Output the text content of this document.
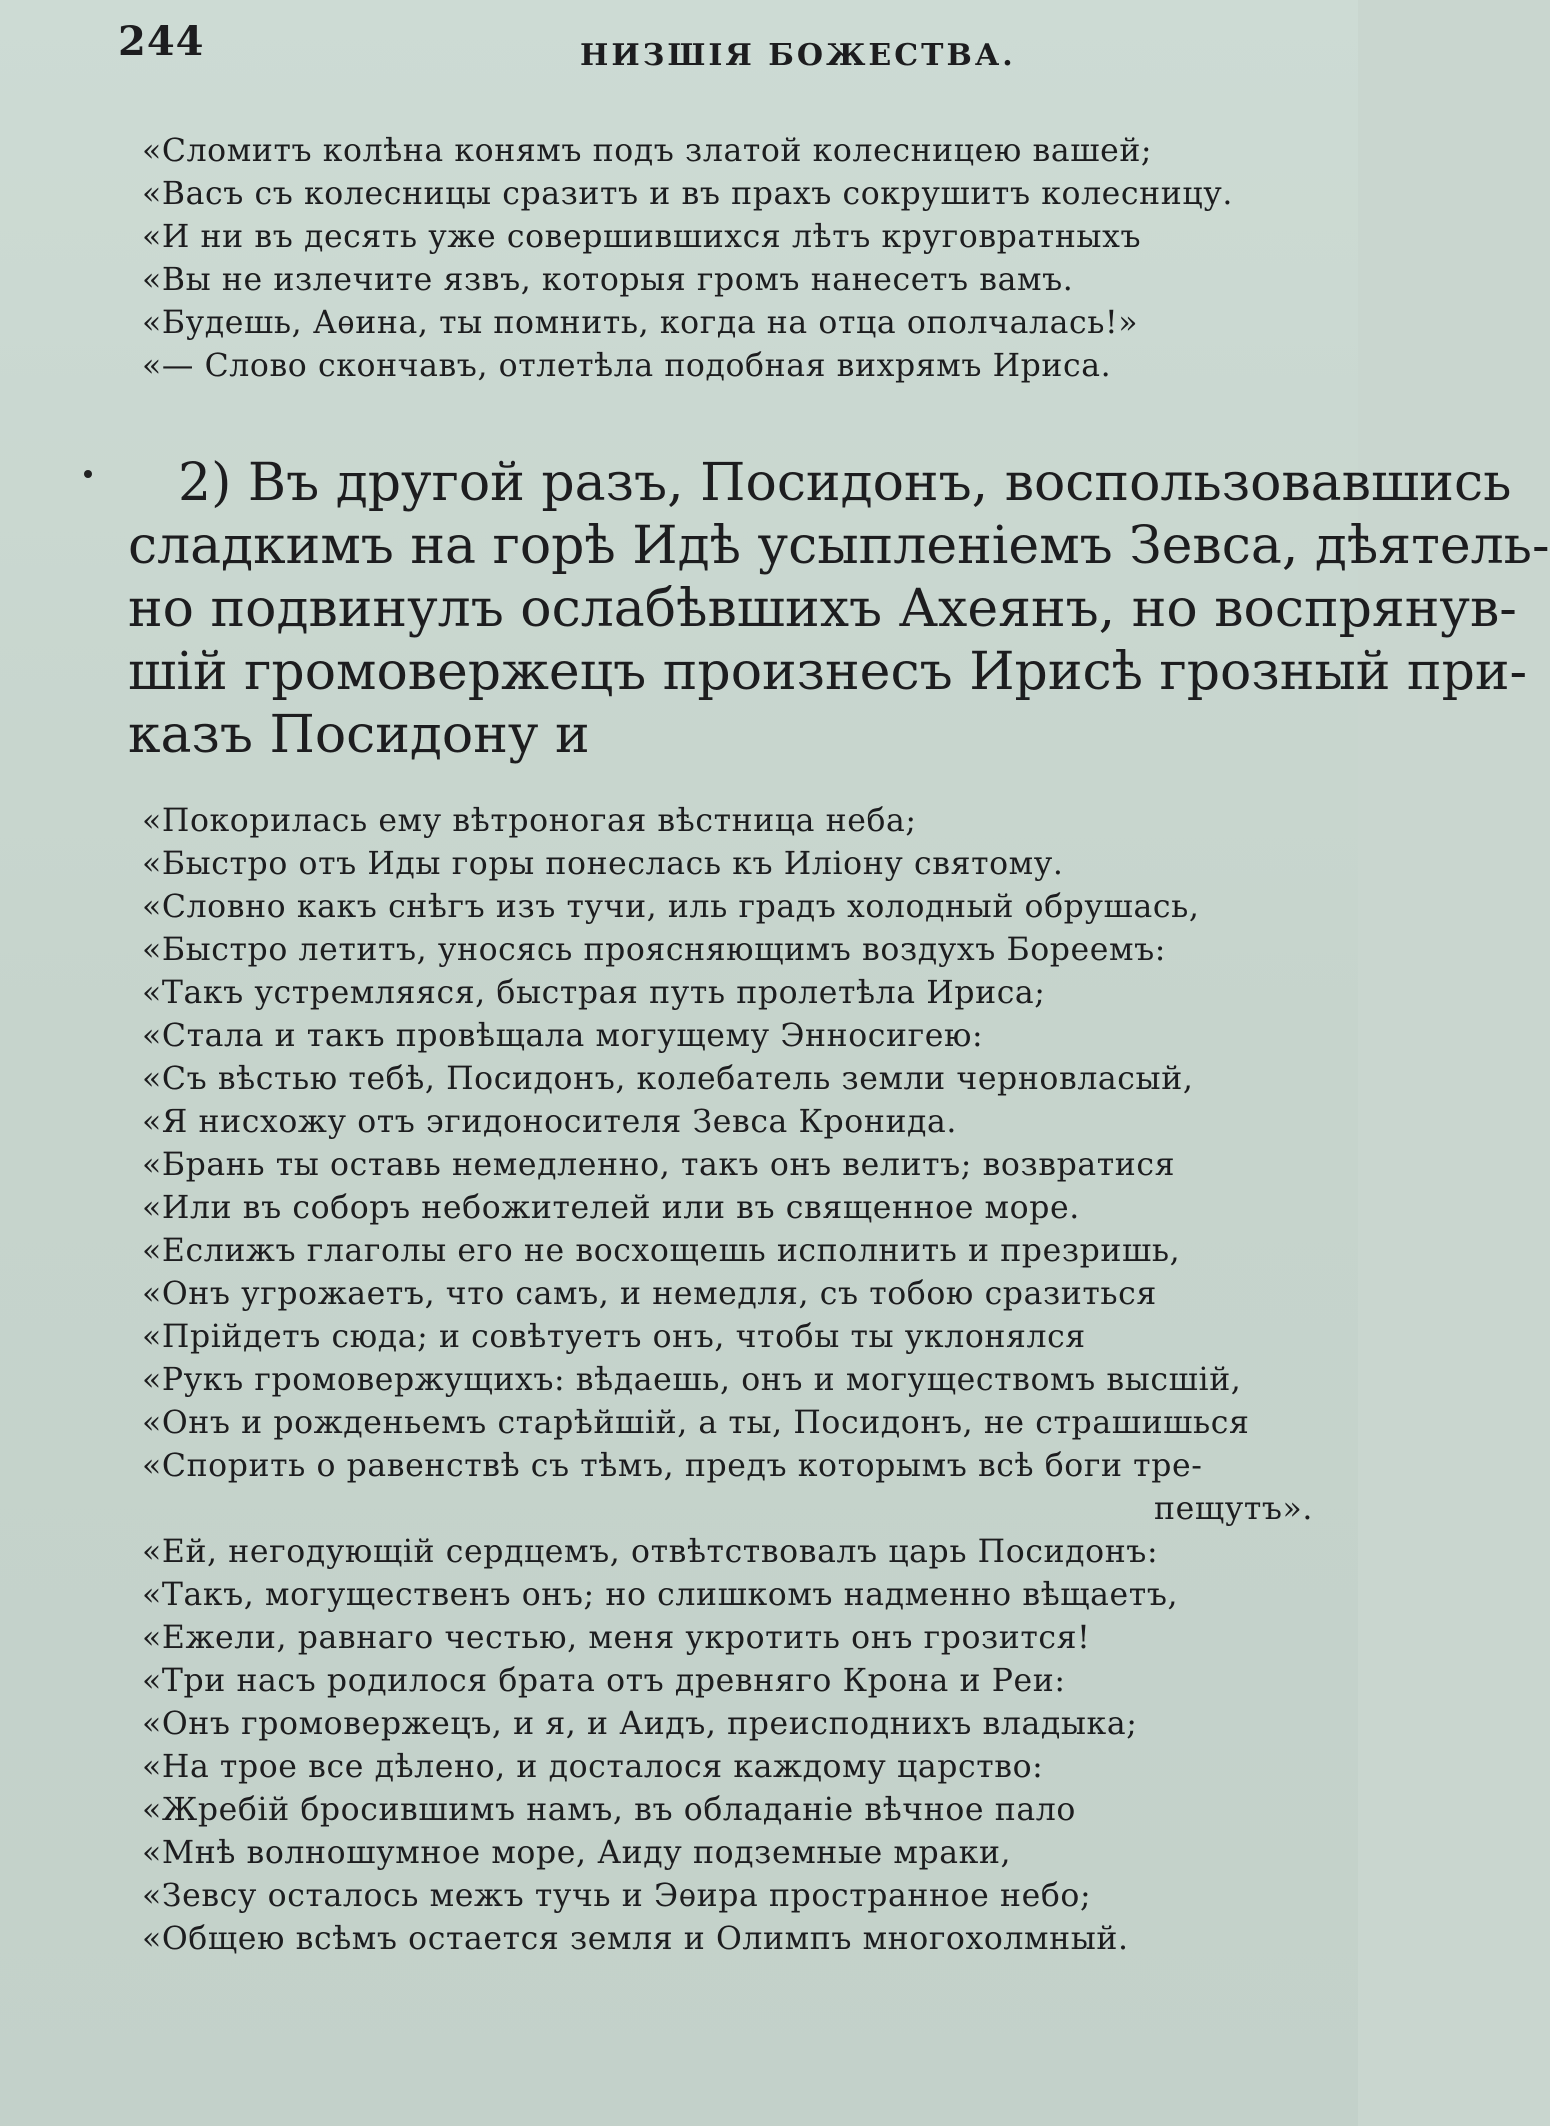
244	НИЗШІЯ БОЖЕСТВА.
«Сломитъ колѣна конямъ подъ златой колесницею вашей;
«Васъ съ колесницы сразитъ и въ прахъ сокрушитъ колесницу.
«И ни въ десять уже совершившихся лѣтъ круговратныхъ
«Вы не излечите язвъ, которыя громъ нанесетъ вамъ.
«Будешь, Аѳина, ты помнить, когда на отца ополчалась!»
«— Слово скончавъ, отлетѣла подобная вихрямъ Ириса.
2) Въ другой разъ, Посидонъ, воспользовавшись
сладкимъ на горѣ Идѣ усыпленіемъ Зевса, дѣятель-
но подвинулъ ослабѣвшихъ Ахеянъ, но воспрянув-
шій громовержецъ произнесъ Ирисѣ грозный при-
казъ Посидону и
«Покорилась ему вѣтроногая вѣстница неба;
«Быстро отъ Иды горы понеслась къ Иліону святому.
«Словно какъ снѣгъ изъ тучи, иль градъ холодный обрушась,
«Быстро летитъ, уносясь проясняющимъ воздухъ Бореемъ:
«Такъ устремляяся, быстрая путь пролетѣла Ириса;
«Стала и такъ провѣщала могущему Энносигею:
«Съ вѣстью тебѣ, Посидонъ, колебатель земли черновласый,
«Я нисхожу отъ эгидоносителя Зевса Кронида.
«Брань ты оставь немедленно, такъ онъ велитъ; возвратися
«Или въ соборъ небожителей или въ священное море.
«Еслижъ глаголы его не восхощешь исполнить и презришь,
«Онъ угрожаетъ, что самъ, и немедля, съ тобою сразиться
«Прійдетъ сюда; и совѣтуетъ онъ, чтобы ты уклонялся
«Рукъ громовержущихъ: вѣдаешь, онъ и могуществомъ высшій,
«Онъ и рожденьемъ старѣйшій, а ты, Посидонъ, не страшишься
«Спорить о равенствѣ съ тѣмъ, предъ которымъ всѣ боги тре-
пещутъ».
«Ей, негодующій сердцемъ, отвѣтствовалъ царь Посидонъ:
«Такъ, могущественъ онъ; но слишкомъ надменно вѣщаетъ,
«Ежели, равнаго честью, меня укротить онъ грозится!
«Три насъ родилося брата отъ древняго Крона и Реи:
«Онъ громовержецъ, и я, и Аидъ, преисподнихъ владыка;
«На трое все дѣлено, и досталося каждому царство:
«Жребій бросившимъ намъ, въ обладаніе вѣчное пало
«Мнѣ волношумное море, Аиду подземные мраки,
«Зевсу осталось межъ тучь и Эѳира пространное небо;
«Общею всѣмъ остается земля и Олимпъ многохолмный.
